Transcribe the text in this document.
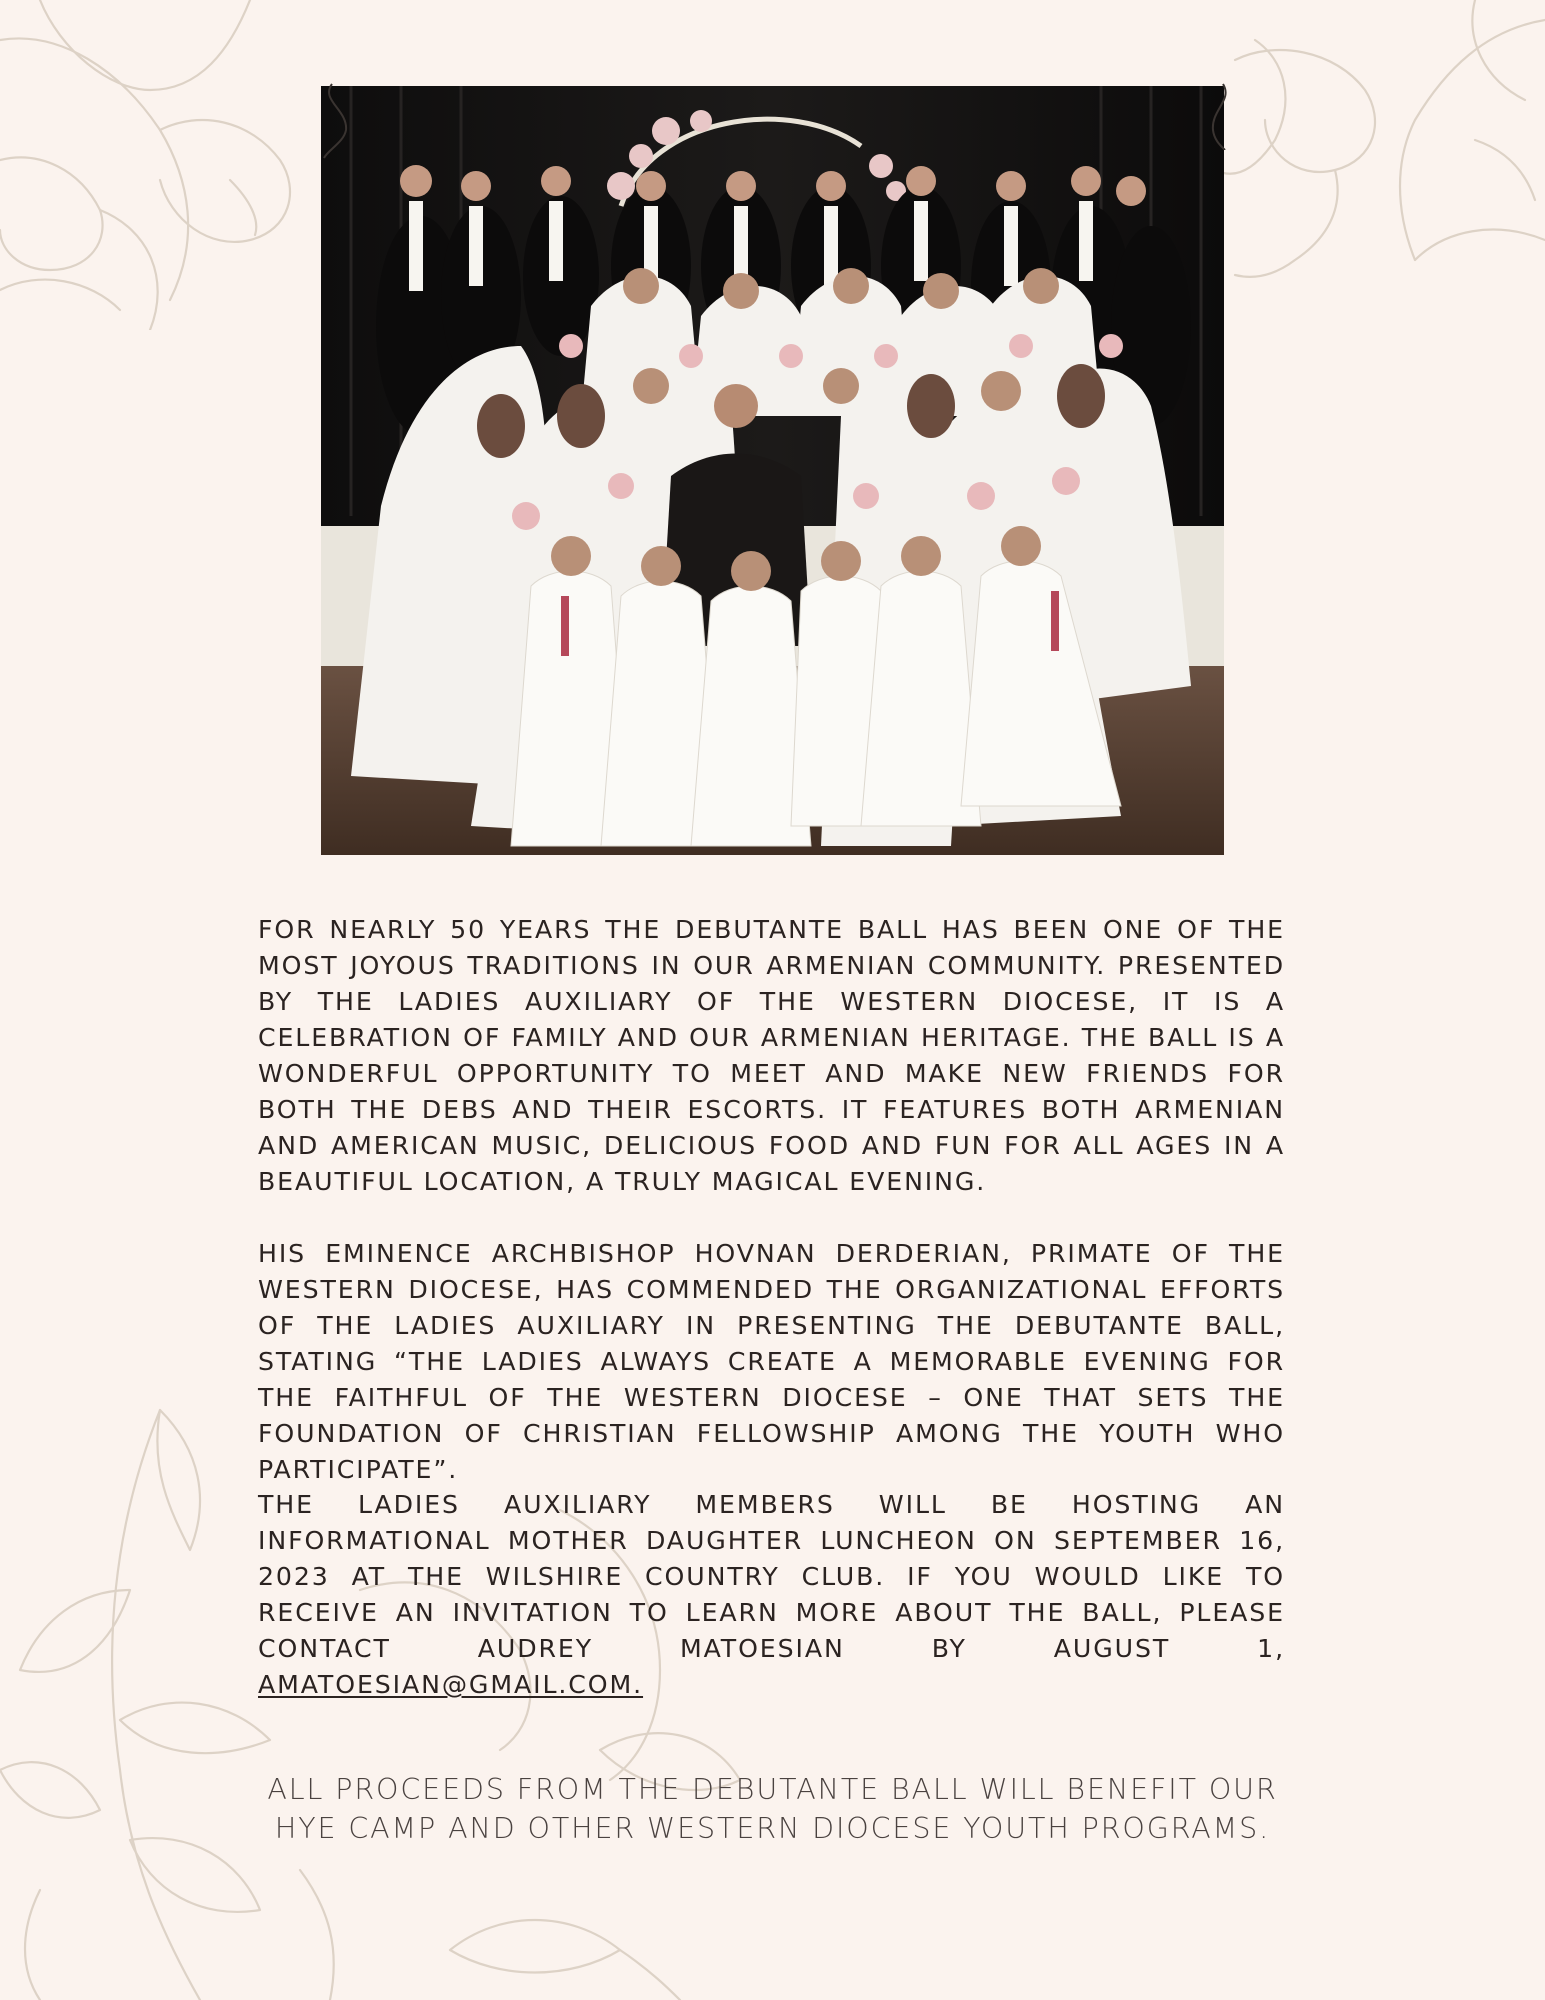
FOR NEARLY 50 YEARS THE DEBUTANTE BALL HAS BEEN ONE OF THE MOST JOYOUS TRADITIONS IN OUR ARMENIAN COMMUNITY. PRESENTED BY THE LADIES AUXILIARY OF THE WESTERN DIOCESE, IT IS A CELEBRATION OF FAMILY AND OUR ARMENIAN HERITAGE. THE BALL IS A WONDERFUL OPPORTUNITY TO MEET AND MAKE NEW FRIENDS FOR BOTH THE DEBS AND THEIR ESCORTS. IT FEATURES BOTH ARMENIAN AND AMERICAN MUSIC, DELICIOUS FOOD AND FUN FOR ALL AGES IN A BEAUTIFUL LOCATION, A TRULY MAGICAL EVENING.

HIS EMINENCE ARCHBISHOP HOVNAN DERDERIAN, PRIMATE OF THE WESTERN DIOCESE, HAS COMMENDED THE ORGANIZATIONAL EFFORTS OF THE LADIES AUXILIARY IN PRESENTING THE DEBUTANTE BALL, STATING “THE LADIES ALWAYS CREATE A MEMORABLE EVENING FOR THE FAITHFUL OF THE WESTERN DIOCESE – ONE THAT SETS THE FOUNDATION OF CHRISTIAN FELLOWSHIP AMONG THE YOUTH WHO PARTICIPATE”.

THE LADIES AUXILIARY MEMBERS WILL BE HOSTING AN INFORMATIONAL MOTHER DAUGHTER LUNCHEON ON SEPTEMBER 16, 2023 AT THE WILSHIRE COUNTRY CLUB. IF YOU WOULD LIKE TO RECEIVE AN INVITATION TO LEARN MORE ABOUT THE BALL, PLEASE CONTACT AUDREY MATOESIAN BY AUGUST 1, AMATOESIAN@GMAIL.COM.

ALL PROCEEDS FROM THE DEBUTANTE BALL WILL BENEFIT OUR
HYE CAMP AND OTHER WESTERN DIOCESE YOUTH PROGRAMS.
